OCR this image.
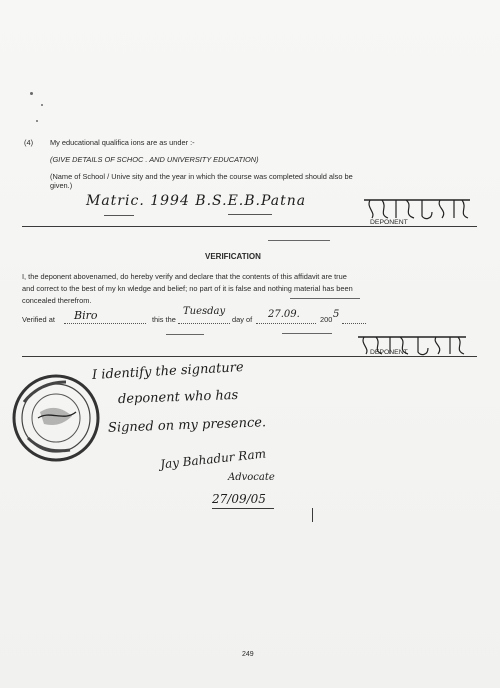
(4) My educational qualifica ions are as under :-
(GIVE DETAILS OF SCHOC . AND UNIVERSITY EDUCATION)
(Name of School / Unive sity and the year in which the course was completed should also be
given.)
Matric. 1994 B.S.E.B.Patna
DEPONENT
VERIFICATION
I, the deponent abovenamed, do hereby verify and declare that the contents of this affidavit are true
and correct to the best of my kn wledge and belief; no part of it is false and nothing material has been
concealed therefrom.
Verified at Biro	this the
Tuesday
day of 27.09.	200 5
DEPONENT
I identify the signature
deponent who has
Signed on my presence.
Jay Bahadur Ram
Advocate
27/09/05
249
